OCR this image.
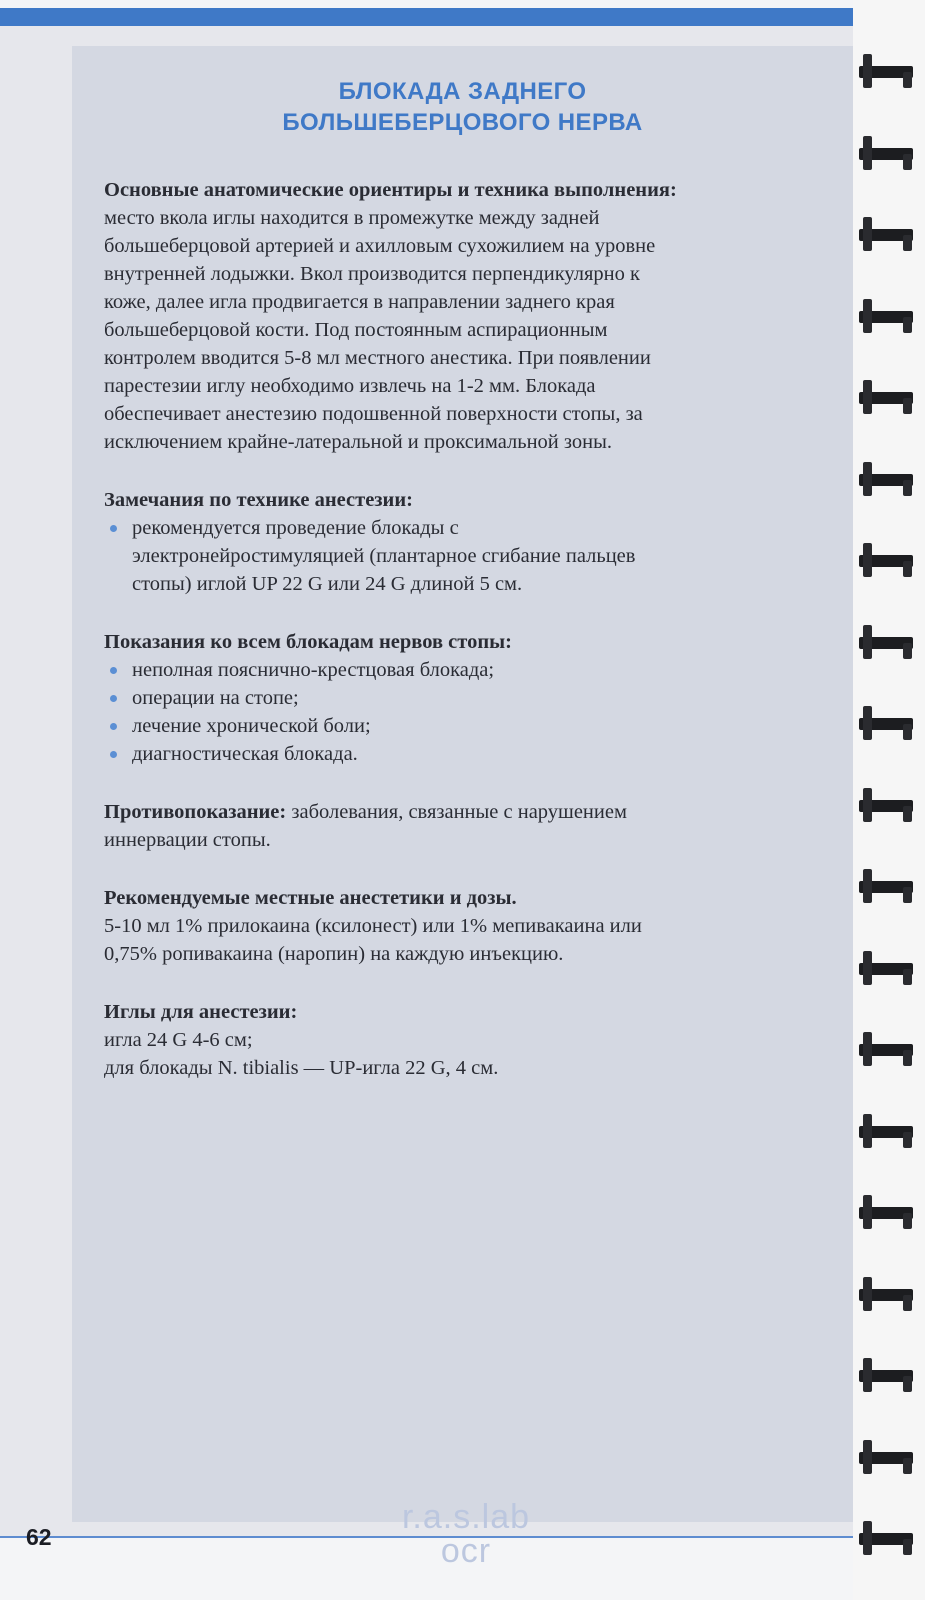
БЛОКАДА ЗАДНЕГО
БОЛЬШЕБЕРЦОВОГО НЕРВА

Основные анатомические ориентиры и техника выполнения:

место вкола иглы находится в промежутке между задней

большеберцовой артерией и ахилловым сухожилием на уровне

внутренней лодыжки. Вкол производится перпендикулярно к

коже, далее игла продвигается в направлении заднего края

большеберцовой кости. Под постоянным аспирационным

контролем вводится 5-8 мл местного анестика. При появлении

парестезии иглу необходимо извлечь на 1-2 мм. Блокада

обеспечивает анестезию подошвенной поверхности стопы, за

исключением крайне-латеральной и проксимальной зоны.

Замечания по технике анестезии:

рекомендуется проведение блокады с
электронейростимуляцией (плантарное сгибание пальцев
стопы) иглой UP 22 G или 24 G длиной 5 см.

Показания ко всем блокадам нервов стопы:

неполная пояснично-крестцовая блокада;
операции на стопе;
лечение хронической боли;
диагностическая блокада.

Противопоказание: заболевания, связанные с нарушением

иннервации стопы.

Рекомендуемые местные анестетики и дозы.

5-10 мл 1% прилокаина (ксилонест) или 1% мепивакаина или

0,75% ропивакаина (наропин) на каждую инъекцию.

Иглы для анестезии:

игла 24 G 4-6 см;

для блокады N. tibialis — UP-игла 22 G, 4 см.

62
r.a.s.lab
ocr
